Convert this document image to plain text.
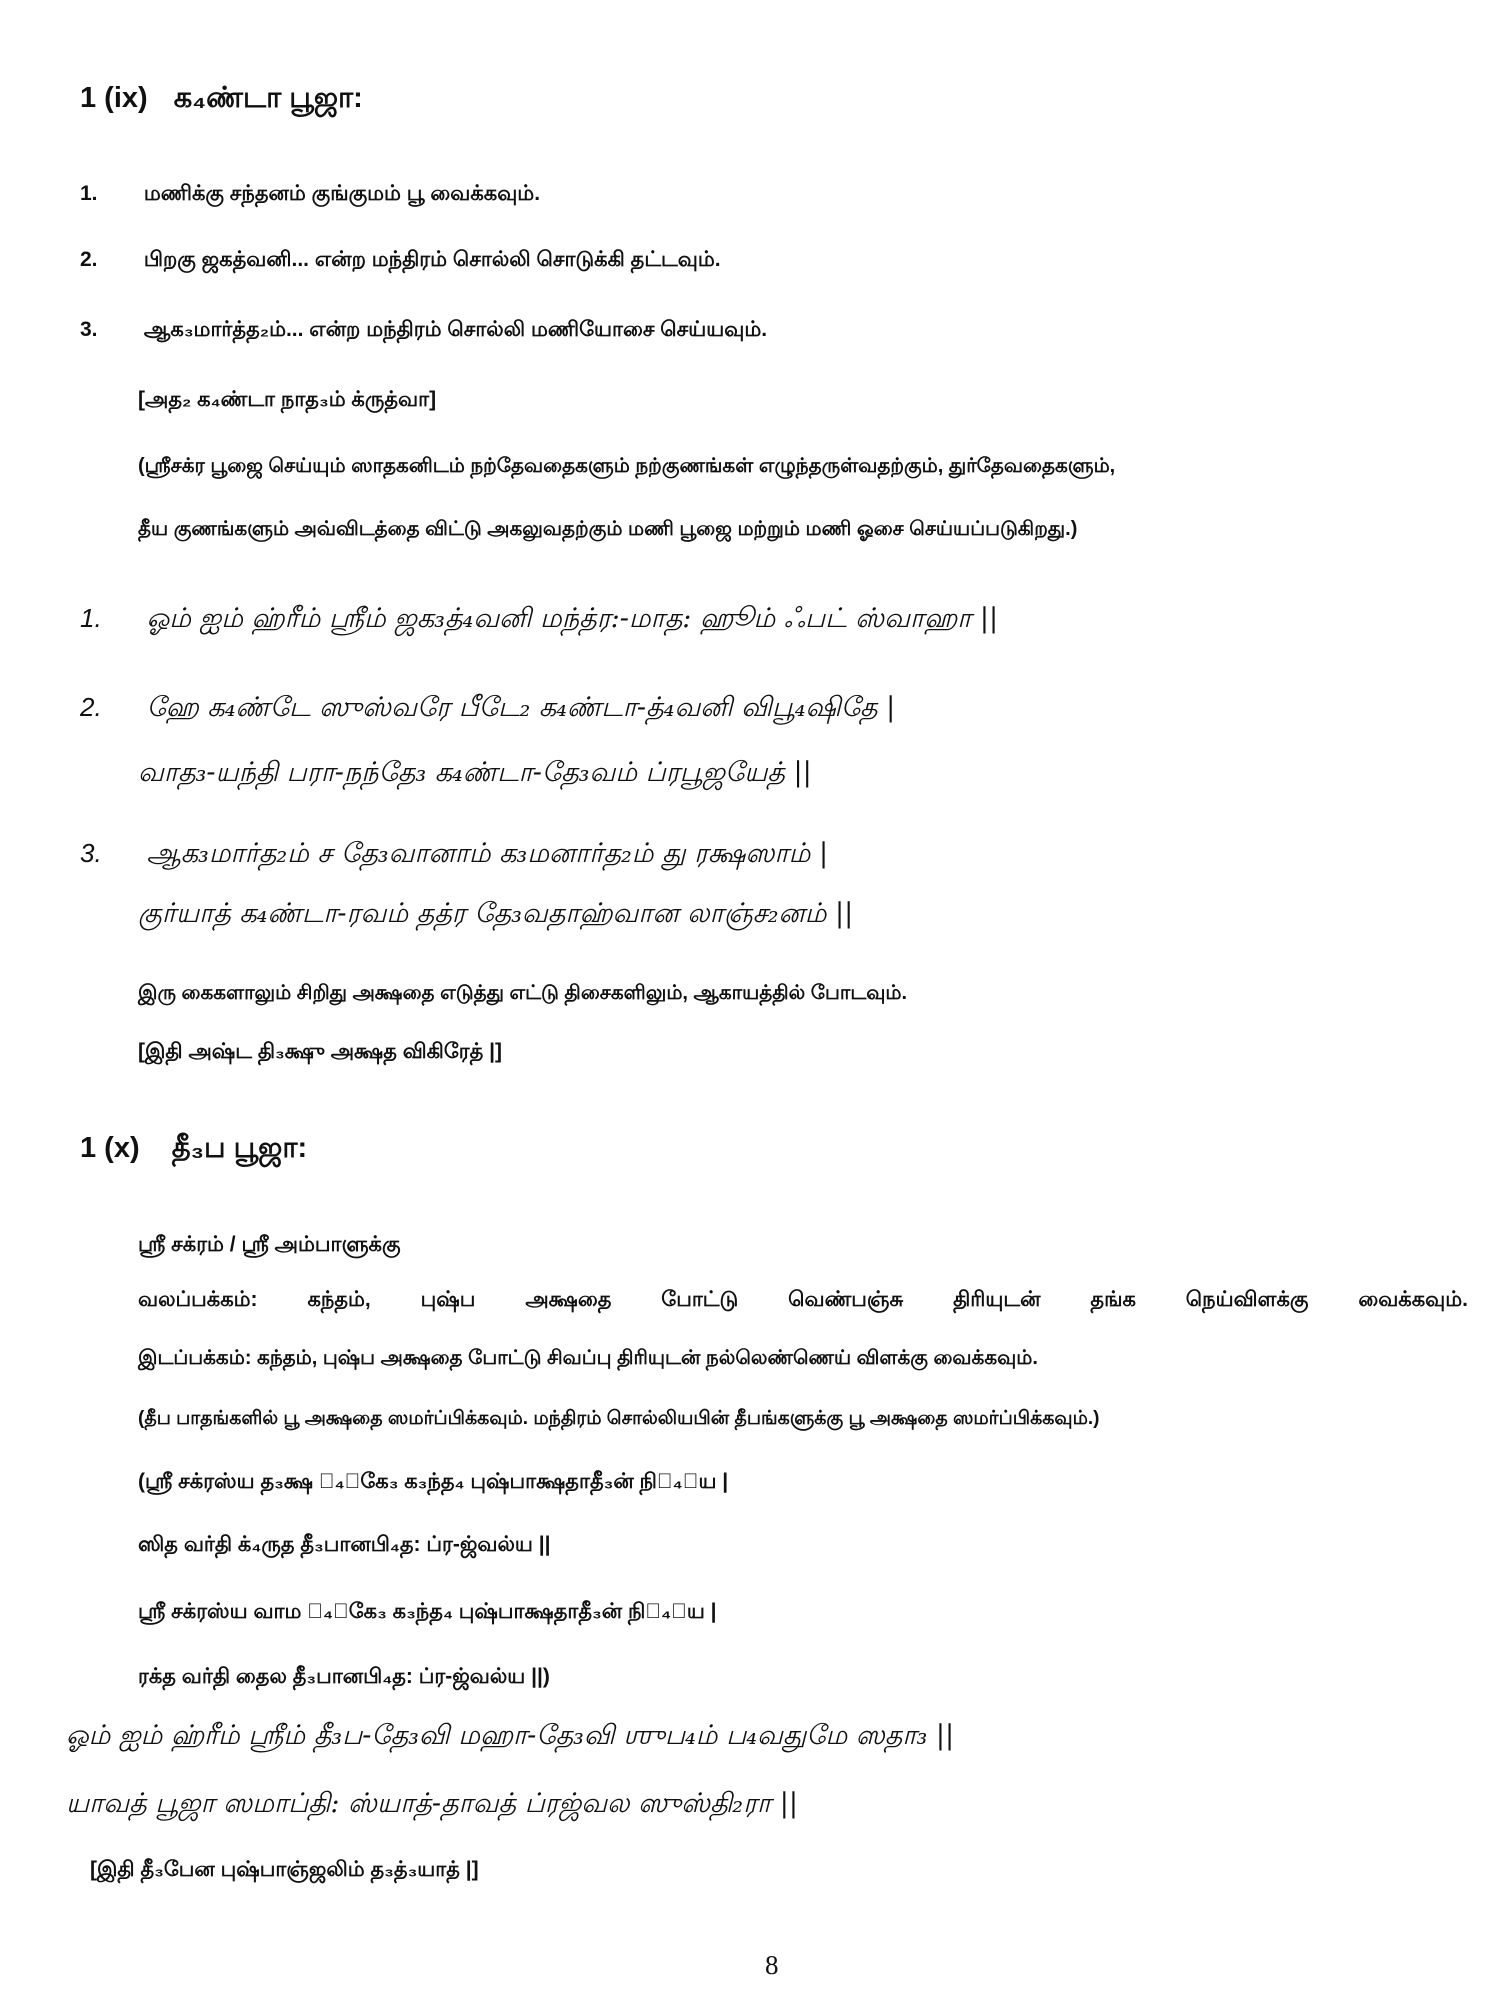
1 (ix) க₄ண்டா பூஜா:
1. மணிக்கு சந்தனம் குங்குமம் பூ வைக்கவும்.
2. பிறகு ஜகத்வனி... என்ற மந்திரம் சொல்லி சொடுக்கி தட்டவும்.
3. ஆக₃மார்த்த₂ம்... என்ற மந்திரம் சொல்லி மணியோசை செய்யவும்.
[அத₂ க₄ண்டா நாத₃ம் க்ருத்வா]
(ஸ்ரீசக்ர பூஜை செய்யும் ஸாதகனிடம் நற்தேவதைகளும் நற்குணங்கள் எழுந்தருள்வதற்கும், துர்தேவதைகளும்,
தீய குணங்களும் அவ்விடத்தை விட்டு அகலுவதற்கும் மணி பூஜை மற்றும் மணி ஓசை செய்யப்படுகிறது.)
1. ஓம் ஐம் ஹ்ரீம் ஸ்ரீம் ஜக₃த்₄வனி மந்த்ர:-மாத: ஹூம் ஃபட் ஸ்வாஹா ||
2. ஹே க₄ண்டே ஸுஸ்வரே பீடே₂ க₄ண்டா-த்₄வனி விபூ₄ஷிதே |
வாத₃-யந்தி பரா-நந்தே₃ க₄ண்டா-தே₃வம் ப்ரபூஜயேத் ||
3. ஆக₃மார்த₂ம் ச தே₃வானாம் க₃மனார்த₂ம் து ரக்ஷஸாம் |
குர்யாத் க₄ண்டா-ரவம் தத்ர தே₃வதாஹ்வான லாஞ்ச₂னம் ||
இரு கைகளாலும் சிறிது அக்ஷதை எடுத்து எட்டு திசைகளிலும், ஆகாயத்தில் போடவும்.
[இதி அஷ்ட தி₃க்ஷு அக்ஷத விகிரேத் |]
1 (x) தீ₃ப பூஜா:
ஸ்ரீ சக்ரம் / ஸ்ரீ அம்பாளுக்கு
வலப்பக்கம்: கந்தம், புஷ்ப அக்ஷதை போட்டு வெண்பஞ்சு திரியுடன் தங்க நெய்விளக்கு வைக்கவும்.
இடப்பக்கம்: கந்தம், புஷ்ப அக்ஷதை போட்டு சிவப்பு திரியுடன் நல்லெண்ணெய் விளக்கு வைக்கவும்.
(தீப பாதங்களில் பூ அக்ஷதை ஸமர்ப்பிக்கவும். மந்திரம் சொல்லியபின் தீபங்களுக்கு பூ அக்ஷதை ஸமர்ப்பிக்கவும்.)
(ஸ்ரீ சக்ரஸ்ய த₃க்ஷ ப₄ாகே₃ க₃ந்த₄ புஷ்பாக்ஷதாதீ₃ன் நித₄ாய |
ஸித வர்தி க்₄ருத தீ₃பானபி₄த: ப்ர-ஜ்வல்ய ||
ஸ்ரீ சக்ரஸ்ய வாம ப₄ாகே₃ க₃ந்த₄ புஷ்பாக்ஷதாதீ₃ன் நித₄ாய |
ரக்த வர்தி தைல தீ₃பானபி₄த: ப்ர-ஜ்வல்ய ||)
ஓம் ஐம் ஹ்ரீம் ஸ்ரீம் தீ₃ப-தே₃வி மஹா-தே₃வி ஶுப₄ம் ப₄வதுமே ஸதா₃ ||
யாவத் பூஜா ஸமாப்தி: ஸ்யாத்-தாவத் ப்ரஜ்வல ஸுஸ்தி₂ரா ||
[இதி தீ₃பேன புஷ்பாஞ்ஜலிம் த₃த்₃யாத் |]
8
